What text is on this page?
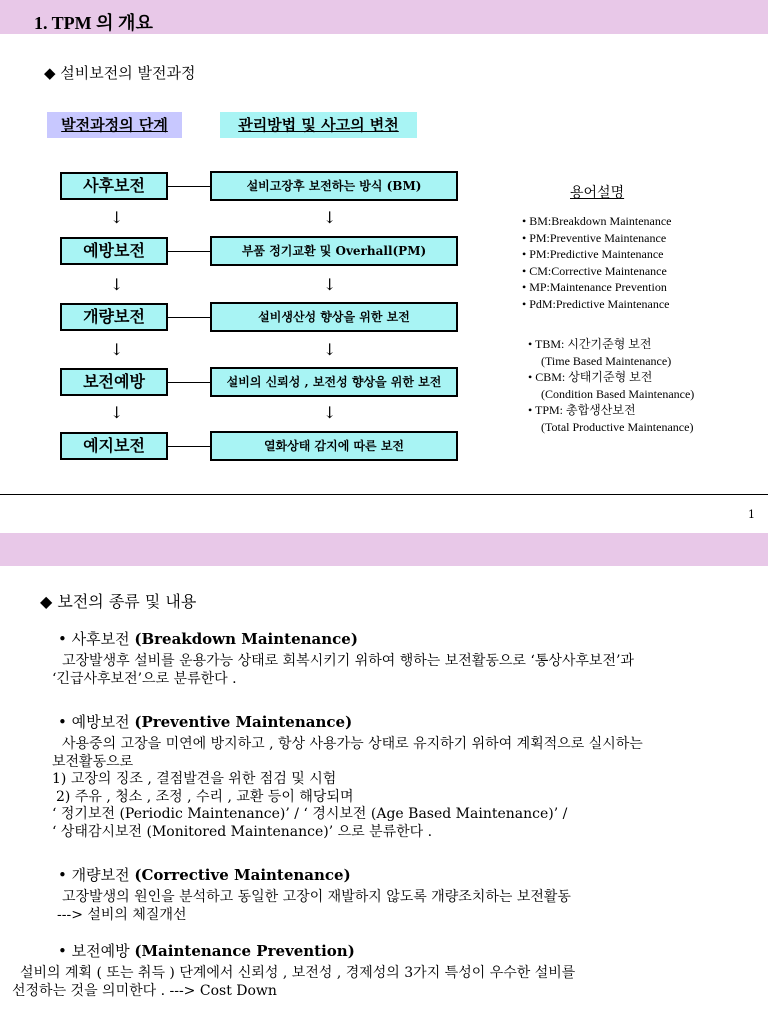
1. TPM 의 개요
◆ 설비보전의 발전과정
발전과정의 단계	관리방법 및 사고의 변천
사후보전	설비고장후 보전하는 방식 (BM)
↓	↓
예방보전	부품 정기교환 및 Overhall(PM)
↓	↓
개량보전	설비생산성 향상을 위한 보전
↓	↓
보전예방	설비의 신뢰성 , 보전성 향상을 위한 보전
↓	↓
예지보전	열화상태 감지에 따른 보전
용어설명
• BM:Breakdown Maintenance
• PM:Preventive Maintenance
• PM:Predictive Maintenance
• CM:Corrective Maintenance
• MP:Maintenance Prevention
• PdM:Predictive Maintenance
• TBM: 시간기준형 보전
(Time Based Maintenance)
• CBM: 상태기준형 보전
(Condition Based Maintenance)
• TPM: 총합생산보전
(Total Productive Maintenance)
1
◆ 보전의 종류 및 내용
• 사후보전 (Breakdown Maintenance)
고장발생후 설비를 운용가능 상태로 회복시키기 위하여 행하는 보전활동으로 ‘통상사후보전’과
‘긴급사후보전’으로 분류한다 .
• 예방보전 (Preventive Maintenance)
사용중의 고장을 미연에 방지하고 , 항상 사용가능 상태로 유지하기 위하여 계획적으로 실시하는
보전활동으로
1) 고장의 징조 , 결점발견을 위한 점검 및 시험
2) 주유 , 청소 , 조정 , 수리 , 교환 등이 해당되며
‘ 정기보전 (Periodic Maintenance)’ / ‘ 경시보전 (Age Based Maintenance)’ /
‘ 상태감시보전 (Monitored Maintenance)’ 으로 분류한다 .
• 개량보전 (Corrective Maintenance)
고장발생의 원인을 분석하고 동일한 고장이 재발하지 않도록 개량조치하는 보전활동
---> 설비의 체질개선
• 보전예방 (Maintenance Prevention)
설비의 계획 ( 또는 취득 ) 단계에서 신뢰성 , 보전성 , 경제성의 3가지 특성이 우수한 설비를
선정하는 것을 의미한다 . ---> Cost Down
